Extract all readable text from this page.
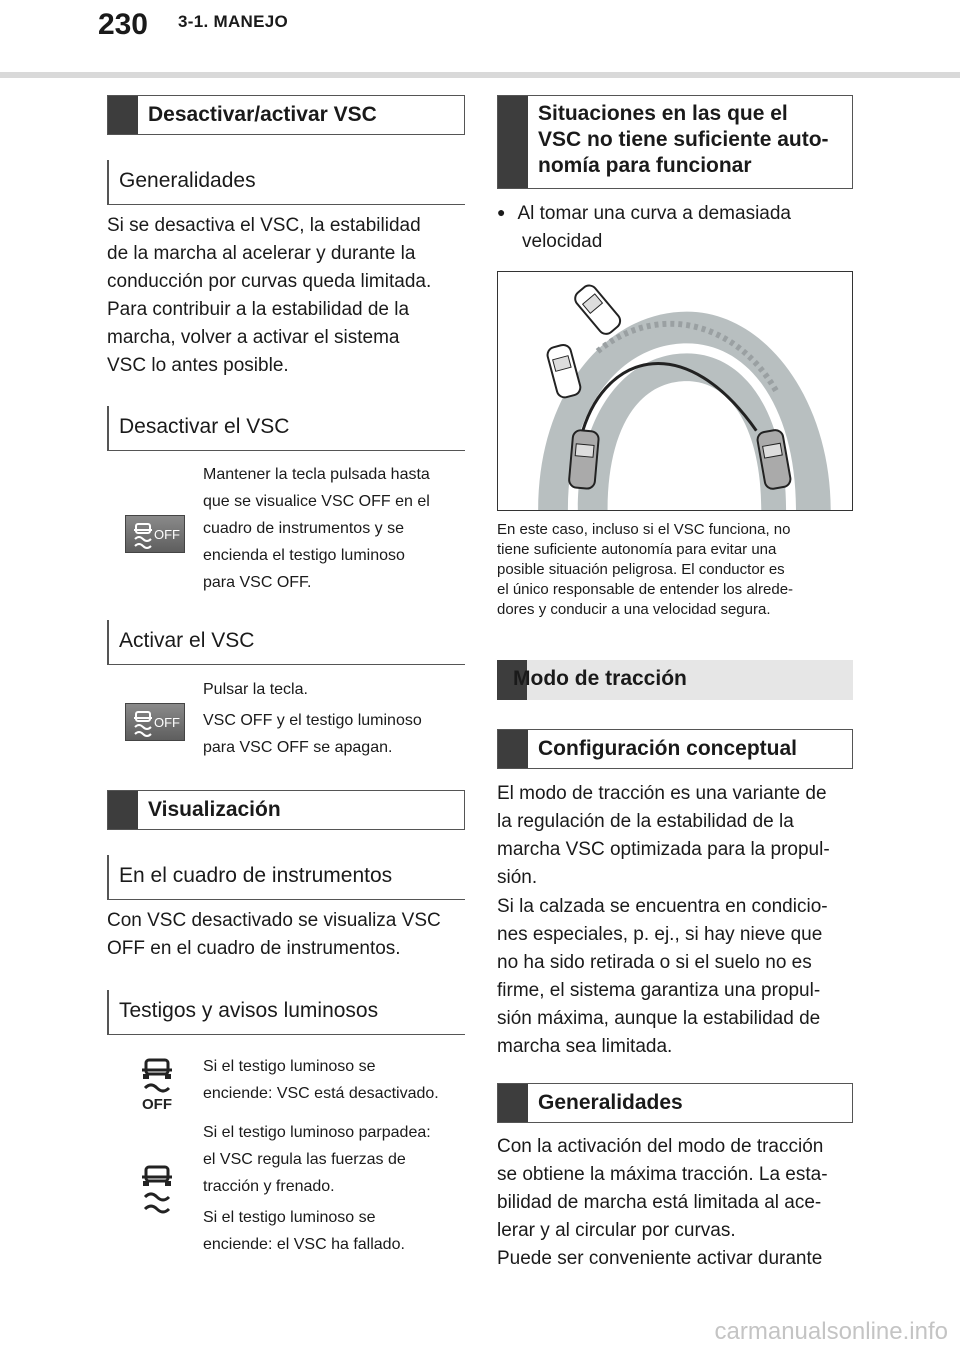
230 3-1. MANEJO
Desactivar/activar VSC
Generalidades
Si se desactiva el VSC, la estabilidad
de la marcha al acelerar y durante la
conducción por curvas queda limitada.
Para contribuir a la estabilidad de la
marcha, volver a activar el sistema
VSC lo antes posible.
Desactivar el VSC
OFF
Mantener la tecla pulsada hasta
que se visualice VSC OFF en el
cuadro de instrumentos y se
encienda el testigo luminoso
para VSC OFF.
Activar el VSC
OFF
Pulsar la tecla.
VSC OFF y el testigo luminoso
para VSC OFF se apagan.
Visualización
En el cuadro de instrumentos
Con VSC desactivado se visualiza VSC
OFF en el cuadro de instrumentos.
Testigos y avisos luminosos
OFF
Si el testigo luminoso se
enciende: VSC está desactivado.
Si el testigo luminoso parpadea:
el VSC regula las fuerzas de
tracción y frenado.
Si el testigo luminoso se
enciende: el VSC ha fallado.
Situaciones en las que el
VSC no tiene suficiente auto-
nomía para funcionar
● Al tomar una curva a demasiada
velocidad
En este caso, incluso si el VSC funciona, no
tiene suficiente autonomía para evitar una
posible situación peligrosa. El conductor es
el único responsable de entender los alrede-
dores y conducir a una velocidad segura.
Modo de tracción
Configuración conceptual
El modo de tracción es una variante de
la regulación de la estabilidad de la
marcha VSC optimizada para la propul-
sión.
Si la calzada se encuentra en condicio-
nes especiales, p. ej., si hay nieve que
no ha sido retirada o si el suelo no es
firme, el sistema garantiza una propul-
sión máxima, aunque la estabilidad de
marcha sea limitada.
Generalidades
Con la activación del modo de tracción
se obtiene la máxima tracción. La esta-
bilidad de marcha está limitada al ace-
lerar y al circular por curvas.
Puede ser conveniente activar durante
carmanualsonline.info
